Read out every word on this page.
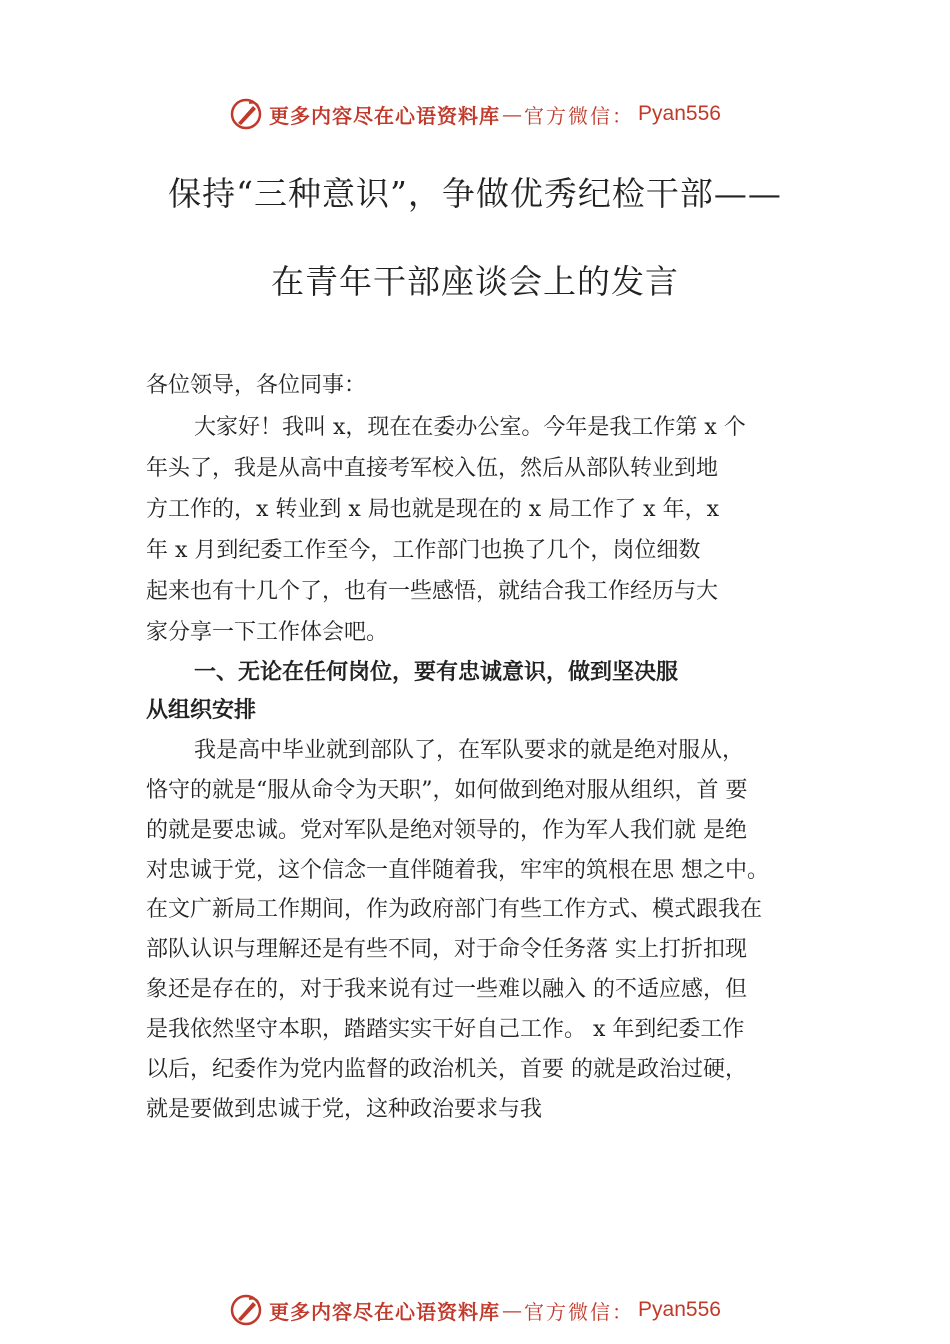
更多内容尽在心语资料库 — 官方微信： Pyan556
保持“三种意识”，争做优秀纪检干部——
在青年干部座谈会上的发言
各位领导，各位同事：
大家好！我叫 x，现在在委办公室。今年是我工作第 x 个
年头了，我是从高中直接考军校入伍，然后从部队转业到地
方工作的，x 转业到 x 局也就是现在的 x 局工作了 x 年，x
年 x 月到纪委工作至今，工作部门也换了几个，岗位细数
起来也有十几个了，也有一些感悟，就结合我工作经历与大
家分享一下工作体会吧。
一、无论在任何岗位，要有忠诚意识，做到坚决服
从组织安排
我是高中毕业就到部队了，在军队要求的就是绝对服从，
恪守的就是“服从命令为天职”，如何做到绝对服从组织，首 要
的就是要忠诚。党对军队是绝对领导的，作为军人我们就 是绝
对忠诚于党，这个信念一直伴随着我，牢牢的筑根在思 想之中。
在文广新局工作期间，作为政府部门有些工作方式、模式跟我在
部队认识与理解还是有些不同，对于命令任务落 实上打折扣现
象还是存在的，对于我来说有过一些难以融入 的不适应感，但
是我依然坚守本职，踏踏实实干好自己工作。 x 年到纪委工作
以后，纪委作为党内监督的政治机关，首要 的就是政治过硬，
就是要做到忠诚于党，这种政治要求与我
更多内容尽在心语资料库 — 官方微信： Pyan556
